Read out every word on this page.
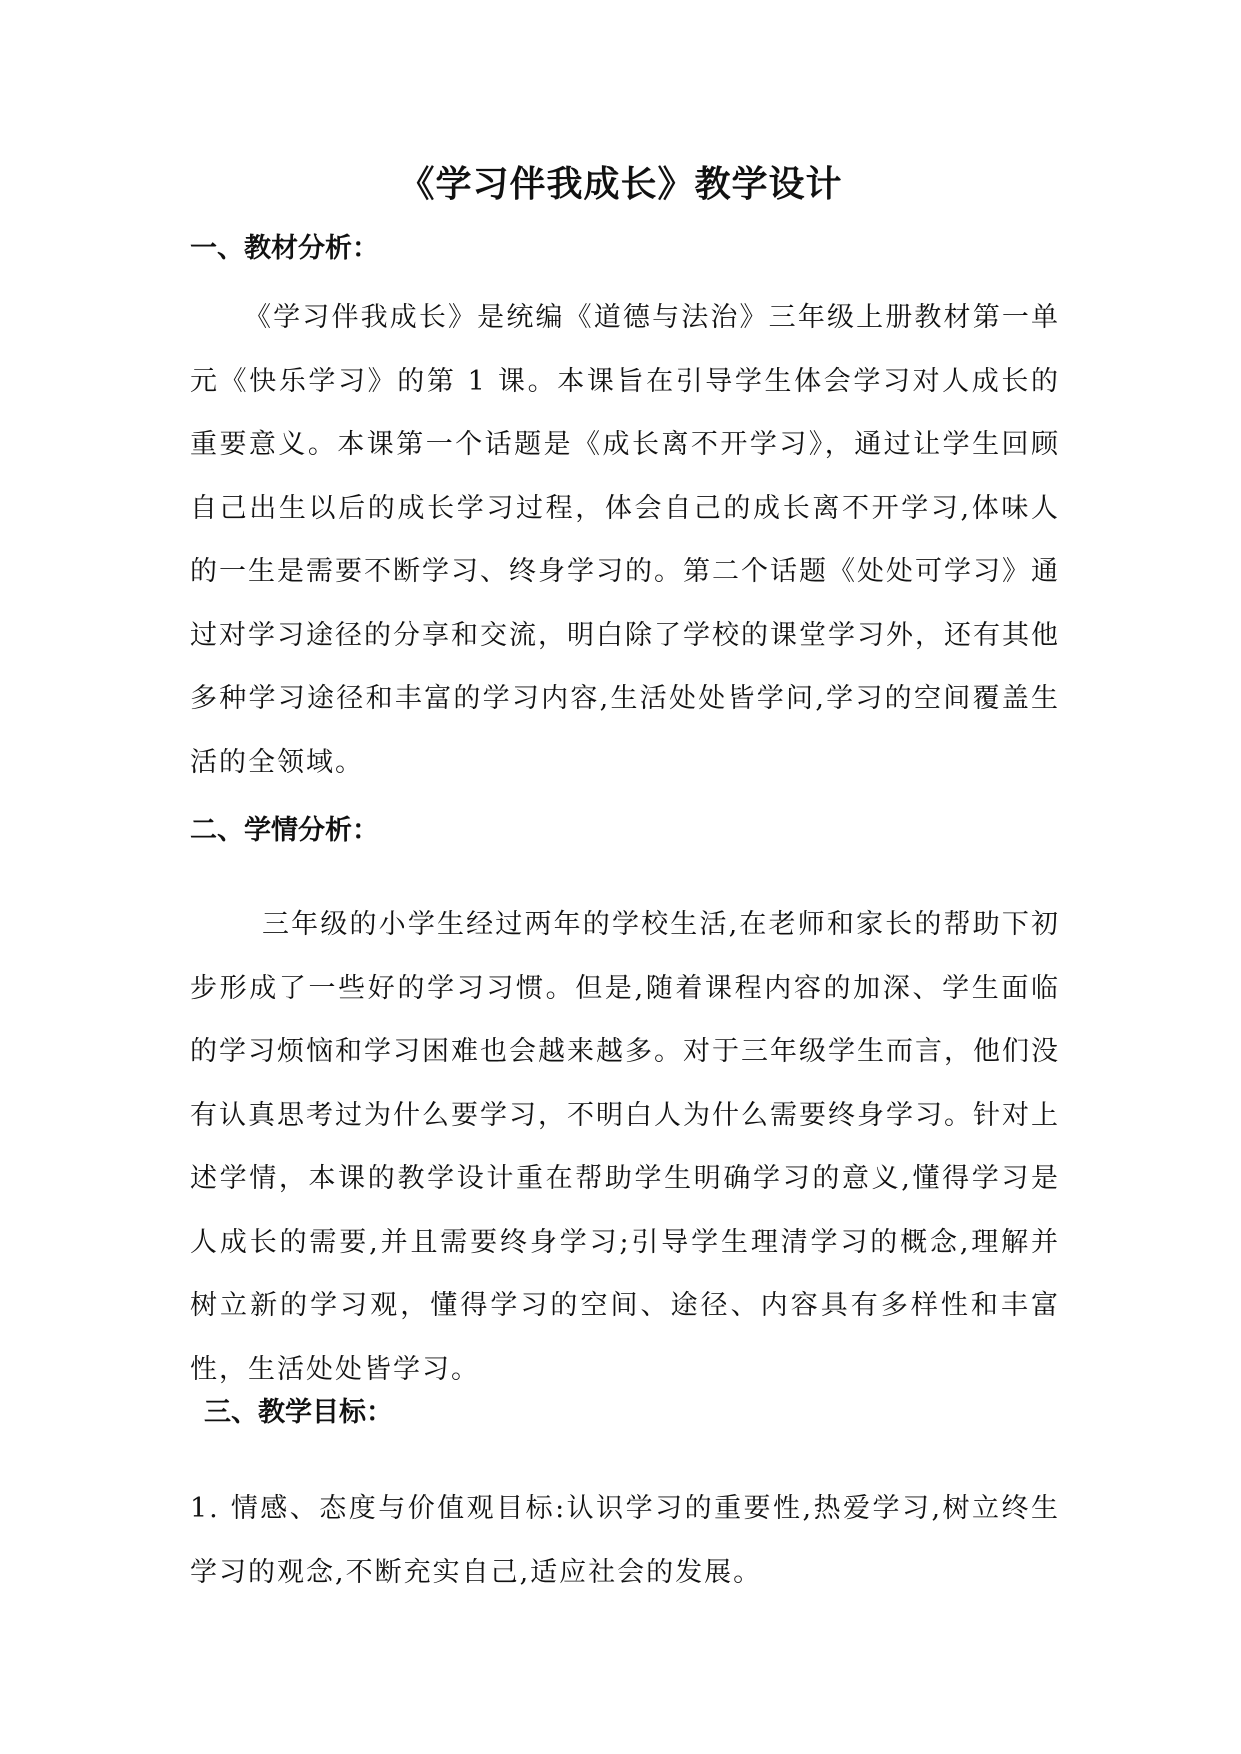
《学习伴我成长》教学设计
一、教材分析：

《学习伴我成长》是统编《道德与法治》三年级上册教材第一单元《快乐学习》的第 1 课。本课旨在引导学生体会学习对人成长的重要意义。本课第一个话题是《成长离不开学习》，通过让学生回顾自己出生以后的成长学习过程，体会自己的成长离不开学习,体味人的一生是需要不断学习、终身学习的。第二个话题《处处可学习》通过对学习途径的分享和交流，明白除了学校的课堂学习外，还有其他多种学习途径和丰富的学习内容,生活处处皆学问,学习的空间覆盖生活的全领域。

二、学情分析：

三年级的小学生经过两年的学校生活,在老师和家长的帮助下初步形成了一些好的学习习惯。但是,随着课程内容的加深、学生面临的学习烦恼和学习困难也会越来越多。对于三年级学生而言，他们没有认真思考过为什么要学习，不明白人为什么需要终身学习。针对上述学情，本课的教学设计重在帮助学生明确学习的意义,懂得学习是人成长的需要,并且需要终身学习;引导学生理清学习的概念,理解并树立新的学习观，懂得学习的空间、途径、内容具有多样性和丰富性，生活处处皆学习。

三、教学目标：

1. 情感、态度与价值观目标:认识学习的重要性,热爱学习,树立终生学习的观念,不断充实自己,适应社会的发展。
